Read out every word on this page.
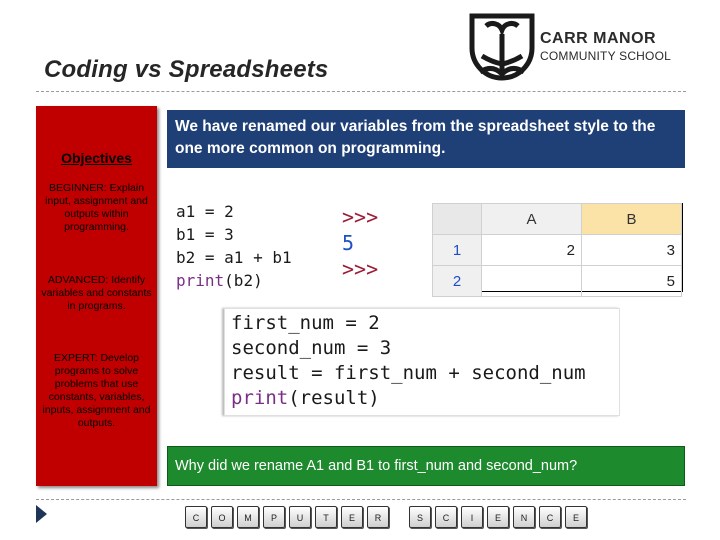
Coding vs Spreadsheets
CARR MANOR
COMMUNITY SCHOOL
Objectives
BEGINNER: Explain input, assignment and outputs within programming.
ADVANCED: Identify variables and constants in programs.
EXPERT: Develop programs to solve problems that use constants, variables, inputs, assignment and outputs.
We have renamed our variables from the spreadsheet style to the one more common on programming.
a1 = 2
b1 = 3
b2 = a1 + b1
print(b2)
>>>
5
>>>
	A	B
1	2	3
2		5
first_num = 2
second_num = 3
result = first_num + second_num
print(result)
Why did we rename A1 and B1 to first_num and second_num?
C	O	M	P	U	T	E	R	S	C	I	E	N	C	E
